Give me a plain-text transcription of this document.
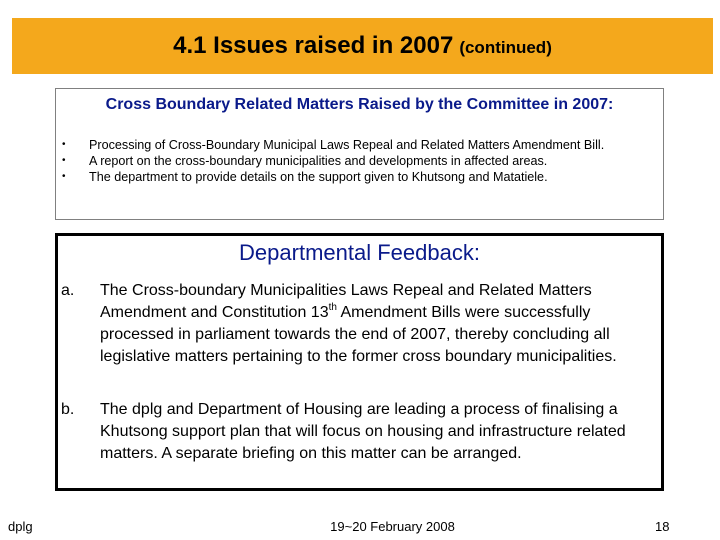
4.1 Issues raised in 2007 (continued)
Cross Boundary Related Matters Raised by the Committee in 2007:
• Processing of Cross-Boundary Municipal Laws Repeal and Related Matters Amendment Bill.
• A report on the cross-boundary municipalities and developments in affected areas.
• The department to provide details on the support given to Khutsong and Matatiele.
Departmental Feedback:
a. The Cross-boundary Municipalities Laws Repeal and Related Matters Amendment and Constitution 13th Amendment Bills were successfully processed in parliament towards the end of 2007, thereby concluding all legislative matters pertaining to the former cross boundary municipalities.
b. The dplg and Department of Housing are leading a process of finalising a Khutsong support plan that will focus on housing and infrastructure related matters. A separate briefing on this matter can be arranged.
dplg	19~20 February 2008	18
